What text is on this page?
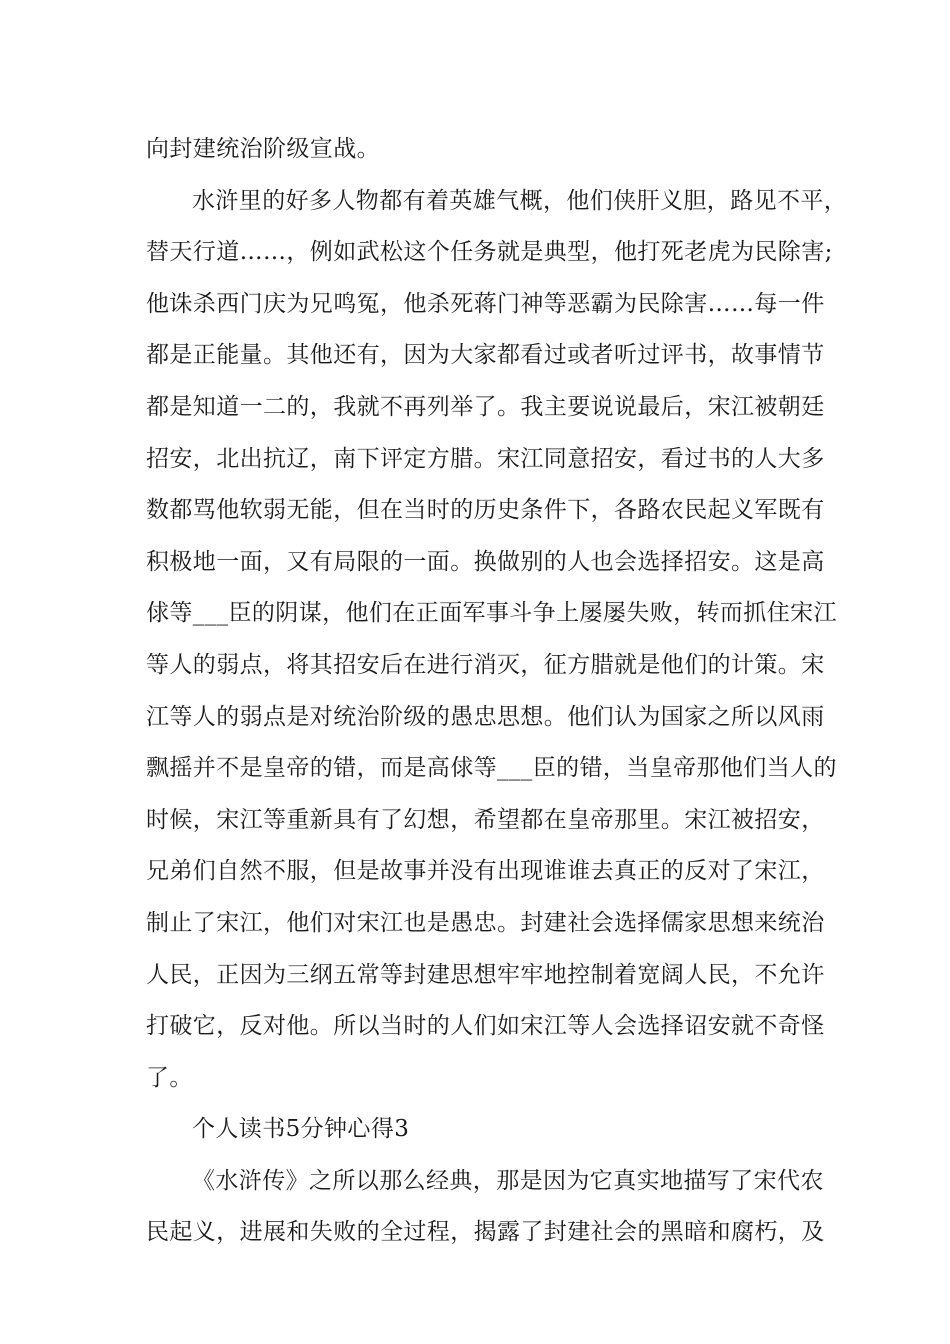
向封建统治阶级宣战。
水浒里的好多人物都有着英雄气概，他们侠肝义胆，路见不平，
替天行道……，例如武松这个任务就是典型，他打死老虎为民除害;
他诛杀西门庆为兄鸣冤，他杀死蒋门神等恶霸为民除害……每一件
都是正能量。其他还有，因为大家都看过或者听过评书，故事情节
都是知道一二的，我就不再列举了。我主要说说最后，宋江被朝廷
招安，北出抗辽，南下评定方腊。宋江同意招安，看过书的人大多
数都骂他软弱无能，但在当时的历史条件下，各路农民起义军既有
积极地一面，又有局限的一面。换做别的人也会选择招安。这是高
俅等___臣的阴谋，他们在正面军事斗争上屡屡失败，转而抓住宋江
等人的弱点，将其招安后在进行消灭，征方腊就是他们的计策。宋
江等人的弱点是对统治阶级的愚忠思想。他们认为国家之所以风雨
飘摇并不是皇帝的错，而是高俅等___臣的错，当皇帝那他们当人的
时候，宋江等重新具有了幻想，希望都在皇帝那里。宋江被招安，
兄弟们自然不服，但是故事并没有出现谁谁去真正的反对了宋江，
制止了宋江，他们对宋江也是愚忠。封建社会选择儒家思想来统治
人民，正因为三纲五常等封建思想牢牢地控制着宽阔人民，不允许
打破它，反对他。所以当时的人们如宋江等人会选择诏安就不奇怪
了。
个人读书5分钟心得3
《水浒传》之所以那么经典，那是因为它真实地描写了宋代农
民起义，进展和失败的全过程，揭露了封建社会的黑暗和腐朽，及
